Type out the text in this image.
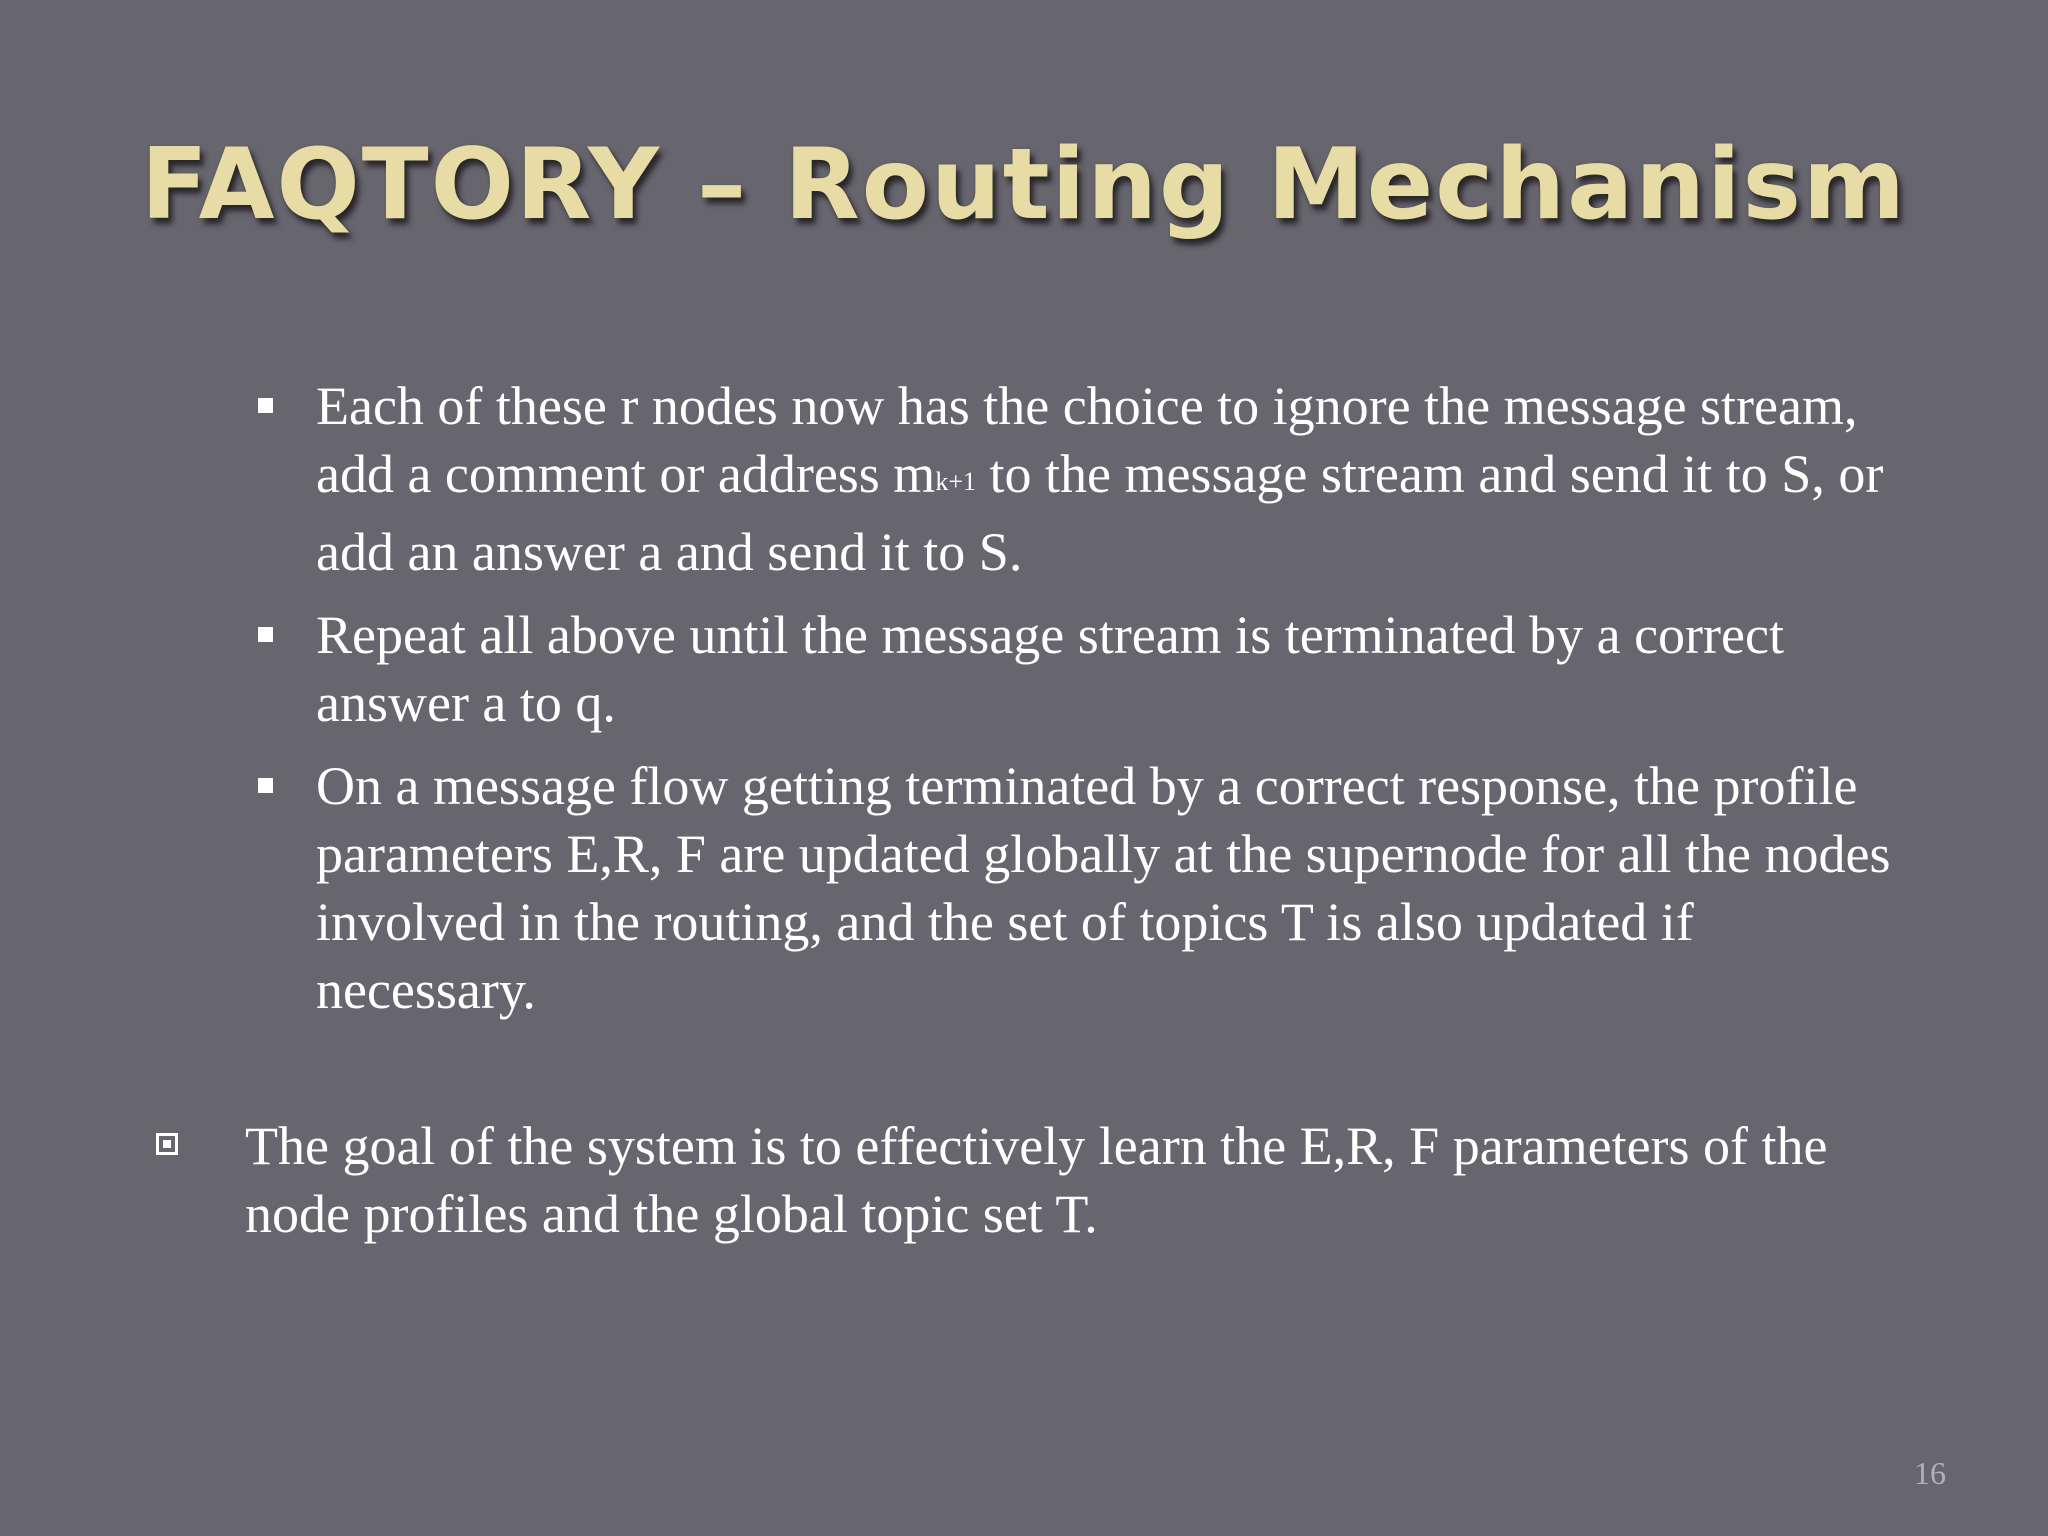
FAQTORY – Routing Mechanism
Each of these r nodes now has the choice to ignore the message stream, add a comment or address mk+1 to the message stream and send it to S, or add an answer a and send it to S.
Repeat all above until the message stream is terminated by a correct answer a to q.
On a message flow getting terminated by a correct response, the profile parameters E,R, F are updated globally at the supernode for all the nodes involved in the routing, and the set of topics T is also updated if necessary.
The goal of the system is to effectively learn the E,R, F parameters of the node profiles and the global topic set T.
16
